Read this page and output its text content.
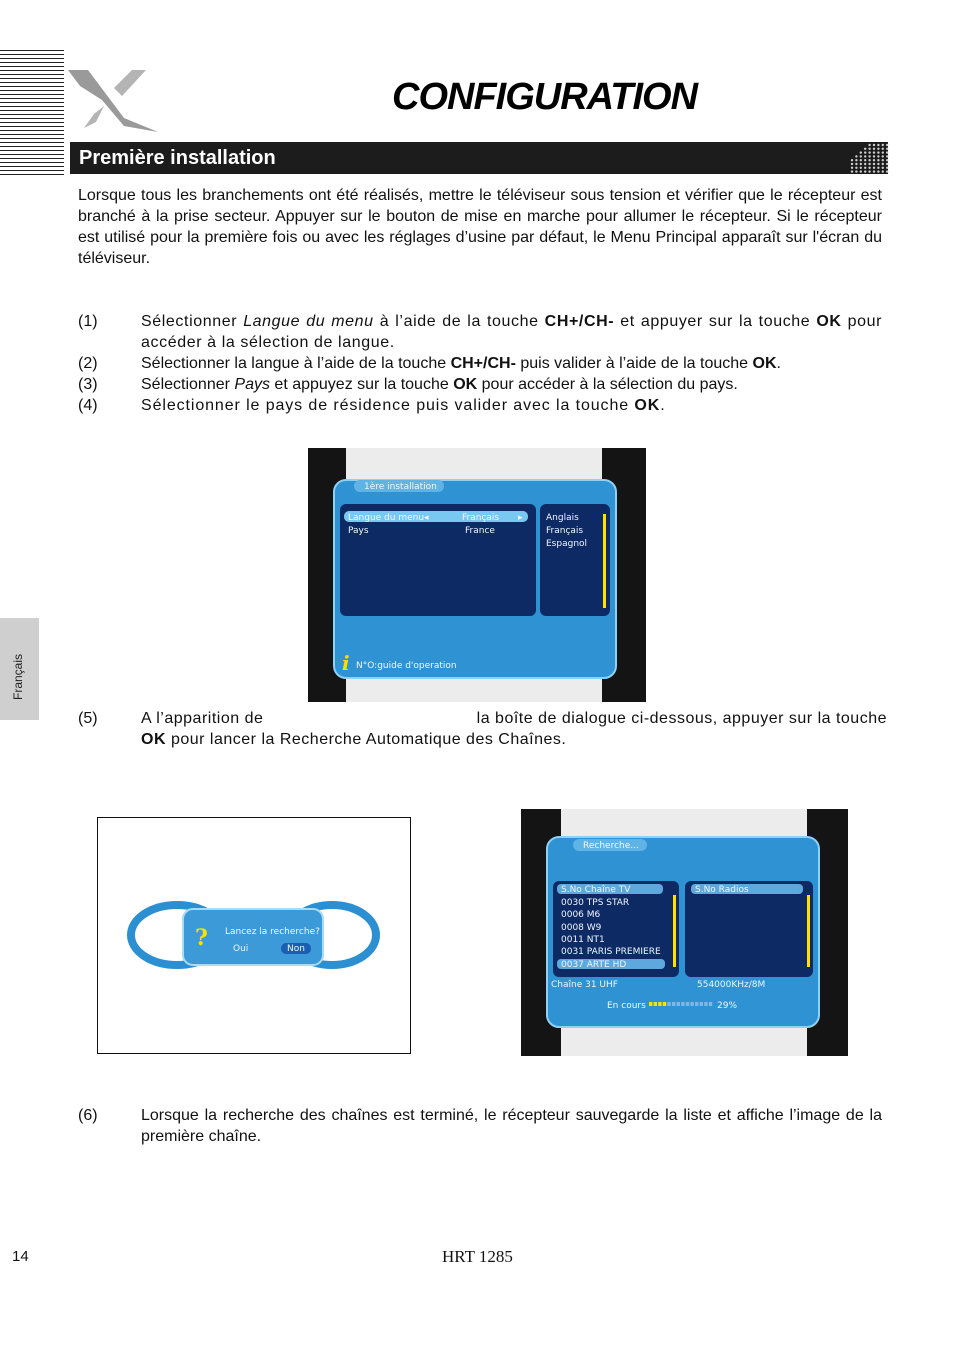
CONFIGURATION
Première installation
Français
Lorsque tous les branchements ont été réalisés, mettre le téléviseur sous tension et vérifier que le récepteur est branché à la prise secteur. Appuyer sur le bouton de mise en marche pour allumer le récepteur. Si le récepteur est utilisé pour la première fois ou avec les réglages d’usine par défaut, le Menu Principal apparaît sur l'écran du téléviseur.
(1)	Sélectionner Langue du menu à l’aide de la touche CH+/CH- et appuyer sur la touche OK pour accéder à la sélection de langue.
(2)	Sélectionner la langue à l’aide de la touche CH+/CH- puis valider à l’aide de la touche OK.
(3)	Sélectionner Pays et appuyez sur la touche OK pour accéder à la sélection du pays.
(4)	Sélectionner le pays de résidence puis valider avec la touche OK.
1ère installation
Langue du menu ◂	Français ▸
Pays	France
Anglais
Français
Espagnol
i N°O:guide d'operation
(5)	A l’apparition de	la boîte de dialogue ci-dessous, appuyer sur la touche
OK pour lancer la Recherche Automatique des Chaînes.
? Lancez la recherche?
Oui	Non
Recherche...
S.No Chaîne TV	S.No Radios
0030 TPS STAR
0006 M6
0008 W9
0011 NT1
0031 PARIS PREMIERE
0037 ARTE HD
Chaîne 31 UHF	554000KHz/8M
En cours	29%
(6)	Lorsque la recherche des chaînes est terminé, le récepteur sauvegarde la liste et affiche l’image de la première chaîne.
14	HRT 1285
